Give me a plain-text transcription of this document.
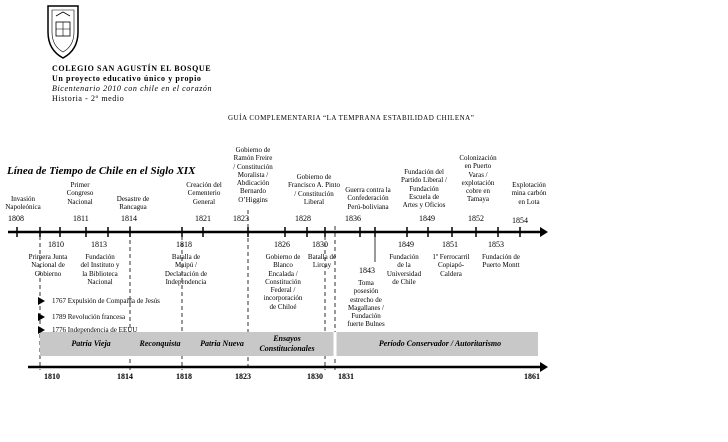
COLEGIO SAN AGUSTÍN EL BOSQUE
Un proyecto educativo único y propio
Bicentenario 2010 con chile en el corazón
Historia - 2º medio
GUÍA COMPLEMENTARIA “LA TEMPRANA ESTABILIDAD CHILENA”
Línea de Tiempo de Chile en el Siglo XIX
Invasión
Napoleónica
Primer
Congreso
Nacional	Desastre de
Rancagua
Creación del
Cementerio
General
Gobierno de
Ramón Freire
/ Constitución
Moralista /
Abdicación
Bernardo
O’Higgins
Gobierno de
Francisco A. Pinto
/ Constitución
Liberal
Guerra contra la
Confederación
Perú-boliviana
Fundación del
Partido Liberal /
Fundación
Escuela de
Artes y Oficios
Colonización
en Puerto
Varas /
explotación
cobre en
Tamaya
Explotación
mina carbón
en Lota
1808	1811	1814	1821	1823	1828	1836	1849	1852	1854
1810	1813	1818	1826	1830
1843
1849	1851	1853
Primera Junta
Nacional de
Gobierno
Fundación
del Instituto y
la Biblioteca
Nacional
Batalla de
Maipú /
Declaración de
Independencia
Gobierno de
Blanco
Encalada /
Constitución
Federal /
incorporación
de Chiloé
Batalla de
Lircay
Toma
posesión
estrecho de
Magallanes /
Fundación
fuerte Bulnes
Fundación
de la
Universidad
de Chile
1º Ferrocarril
Copiapó-
Caldera
Fundación de
Puerto Montt
1767 Expulsión de Compañía de Jesús
1789 Revolución francesa
1776 Independencia de EEUU
Patria Vieja	Reconquista	Patria Nueva
Ensayos
Constitucionales
Período Conservador / Autoritarismo
1810	1814	1818	1823	1830 1831	1861
